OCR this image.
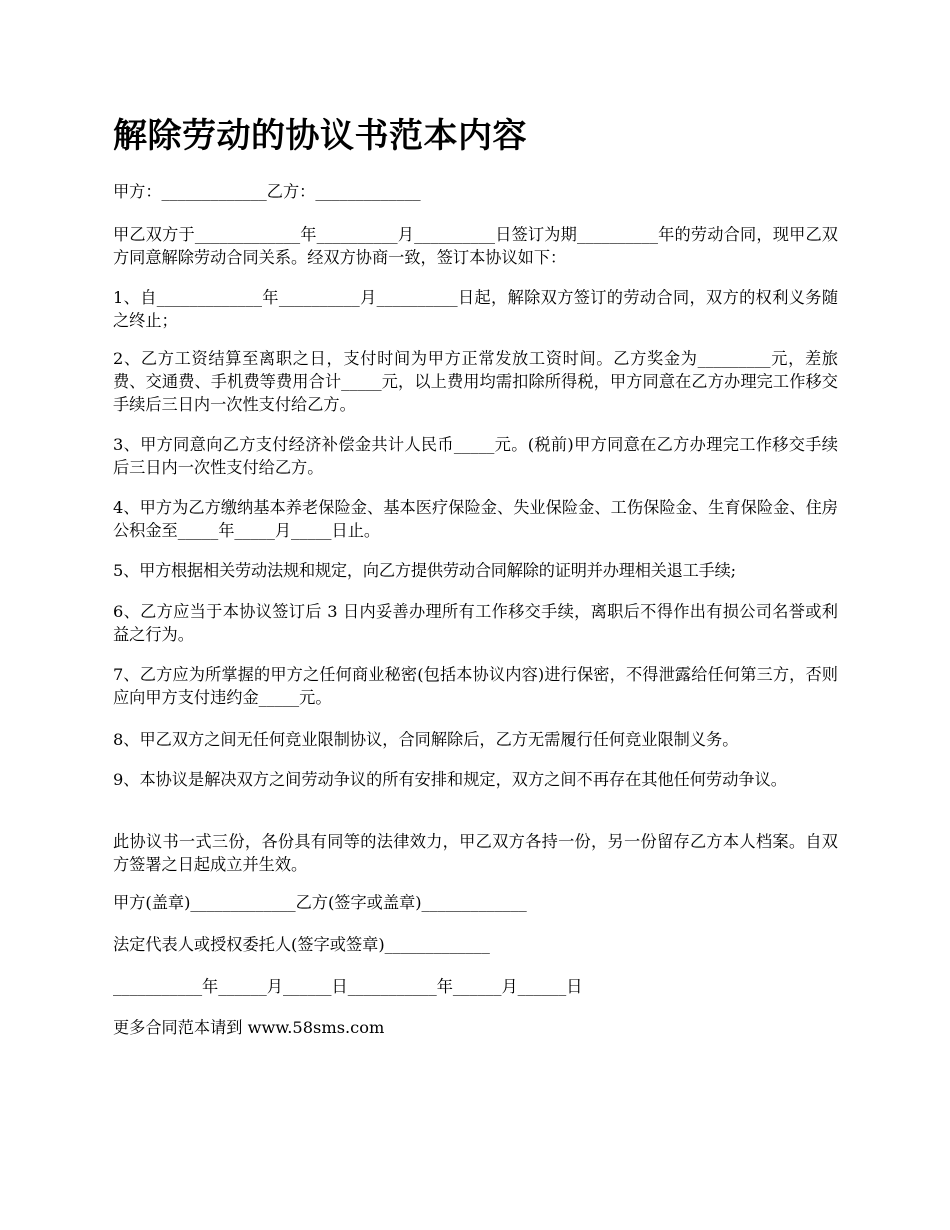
解除劳动的协议书范本内容

甲方：_____________乙方：_____________

甲乙双方于_____________年__________月__________日签订为期__________年的劳动合同，现甲乙双方同意解除劳动合同关系。经双方协商一致，签订本协议如下：

1、自_____________年__________月__________日起，解除双方签订的劳动合同，双方的权利义务随之终止；

2、乙方工资结算至离职之日，支付时间为甲方正常发放工资时间。乙方奖金为_________元，差旅费、交通费、手机费等费用合计_____元，以上费用均需扣除所得税，甲方同意在乙方办理完工作移交手续后三日内一次性支付给乙方。

3、甲方同意向乙方支付经济补偿金共计人民币_____元。(税前)甲方同意在乙方办理完工作移交手续后三日内一次性支付给乙方。

4、甲方为乙方缴纳基本养老保险金、基本医疗保险金、失业保险金、工伤保险金、生育保险金、住房公积金至_____年_____月_____日止。

5、甲方根据相关劳动法规和规定，向乙方提供劳动合同解除的证明并办理相关退工手续;

6、乙方应当于本协议签订后 3 日内妥善办理所有工作移交手续，离职后不得作出有损公司名誉或利益之行为。

7、乙方应为所掌握的甲方之任何商业秘密(包括本协议内容)进行保密，不得泄露给任何第三方，否则应向甲方支付违约金_____元。

8、甲乙双方之间无任何竞业限制协议，合同解除后，乙方无需履行任何竞业限制义务。

9、本协议是解决双方之间劳动争议的所有安排和规定，双方之间不再存在其他任何劳动争议。

此协议书一式三份，各份具有同等的法律效力，甲乙双方各持一份，另一份留存乙方本人档案。自双方签署之日起成立并生效。

甲方(盖章)_____________乙方(签字或盖章)_____________

法定代表人或授权委托人(签字或签章)_____________

___________年______月______日___________年______月______日

更多合同范本请到 www.58sms.com
